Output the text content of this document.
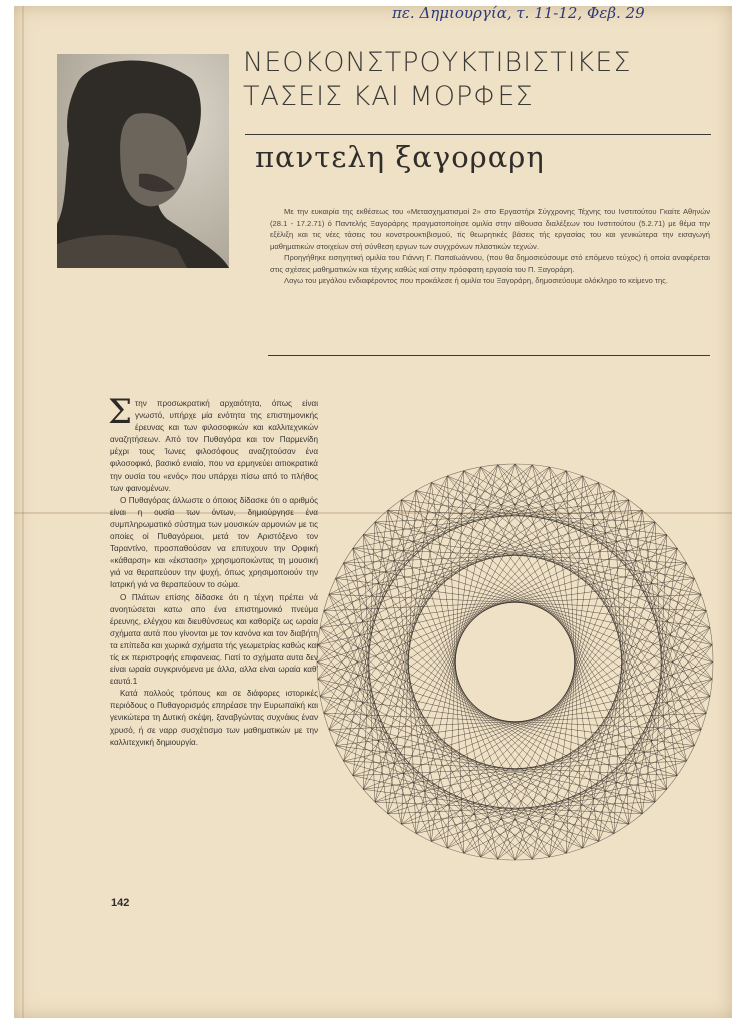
πε. Δημιουργία, τ. 11-12, Φεβ. 29
ΝΕΟΚΟΝΣΤΡΟΥΚΤΙΒΙΣΤΙΚΕΣ
ΤΑΣΕΙΣ ΚΑΙ ΜΟΡΦΕΣ
παντελη ξαγοραρη

Με την ευκαιρία της εκθέσεως του «Μετασχηματισμοί 2» στο Εργαστήρι Σύγχρονης Τέχνης του Ινστιτούτου Γκαίτε Αθηνών (28.1 - 17.2.71) ό Παντελής Ξαγοράρης πραγματοποίησε ομιλία στην αίθουσα διαλέξεων του Ινστιτούτου (5.2.71) με θέμα την εξέλιξη και τις νέες τάσεις του κονστρουκτιβισμού, τίς θεωρητικές βάσεις τής εργασίας του και γενικώτερα την εισαγωγή μαθηματικών στοιχείων στή σύνθεση εργων των συγχρόνων πλαστικών τεχνών.

Προηγήθηκε εισηγητική ομιλία του Γιάννη Γ. Παπαϊωάννου, (που θα δημοσιεύσουμε στό επόμενο τεύχος) ή οποία αναφέρεται στις σχέσεις μαθηματικών και τέχνης καθώς καί στην πρόσφατη εργασία του Π. Ξαγοράρη.

Λογω του μεγάλου ενδιαφέροντος που προκάλεσε ή ομιλία του Ξαγοράρη, δημοσιεύουμε ολόκληρο το κείμενο της.

Στην προσωκρατική αρχαιότητα, όπως είναι γνωστό, υπήρχε μία ενότητα της επιστημονικής έρευνας και των φιλοσοφικών και καλλιτεχνικών αναζητήσεων. Από τον Πυθαγόρα και τον Παρμενίδη μέχρι τους Ίωνες φιλοσόφους αναζητούσαν ένα φιλοσοφικό, βασικό ενιαίο, που να ερμηνεύει αιτιοκρατικά την ουσία του «ενός» που υπάρχει πίσω από το πλήθος των φαινομένων.

Ο Πυθαγόρας άλλωστε ο όποιος δίδασκε ότι ο αριθμός είναι η ουσία των όντων, δημιούργησε ένα συμπληρωματικό σύστημα των μουσικών αρμονιών με τις οποίες οί Πυθαγόρειοι, μετά τον Αριστόξενο τον Ταραντίνο, προσπαθούσαν να επιτυχουν την Ορφική «κάθαρση» και «έκσταση» χρησιμοποιώντας τη μουσική γιά να θεραπεύουν την ψυχή, όπως χρησιμοποιούν την Ιατρική γιά να θεραπεύουν το σώμα.

Ο Πλάτων επίσης δίδασκε ότι η τέχνη πρέπει νά ανοητώσεται κατω απο ένα επιστημονικό πνεύμα έρευνης, ελέγχου και διευθύνσεως και καθορίζε ως ωραία σχήματα αυτά που γίνονται με τον κανόνα και τον διαβήτη τα επίπεδα και χωρικά σχήματα τής γεωμετρίας καθώς και τίς εκ περιστροφής επιφανειας. Γιατί το σχήματα αυτα δεν είναι ωραία συγκρινόμενα με άλλα, αλλα είναι ωραία καθ' εαυτά.1

Κατά πολλούς τρόπους και σε διάφορες ιστορικές περιόδους ο Πυθαγορισμός επηρέασε την Ευρωπαϊκή και γενικώτερα τη Δυτική σκέψη, ξαναβγώντας συχνάκις έναν χρυσό, ή σε ναρρ συσχέτισμο των μαθηματικών με την καλλιτεχνική δημιουργία.

142
